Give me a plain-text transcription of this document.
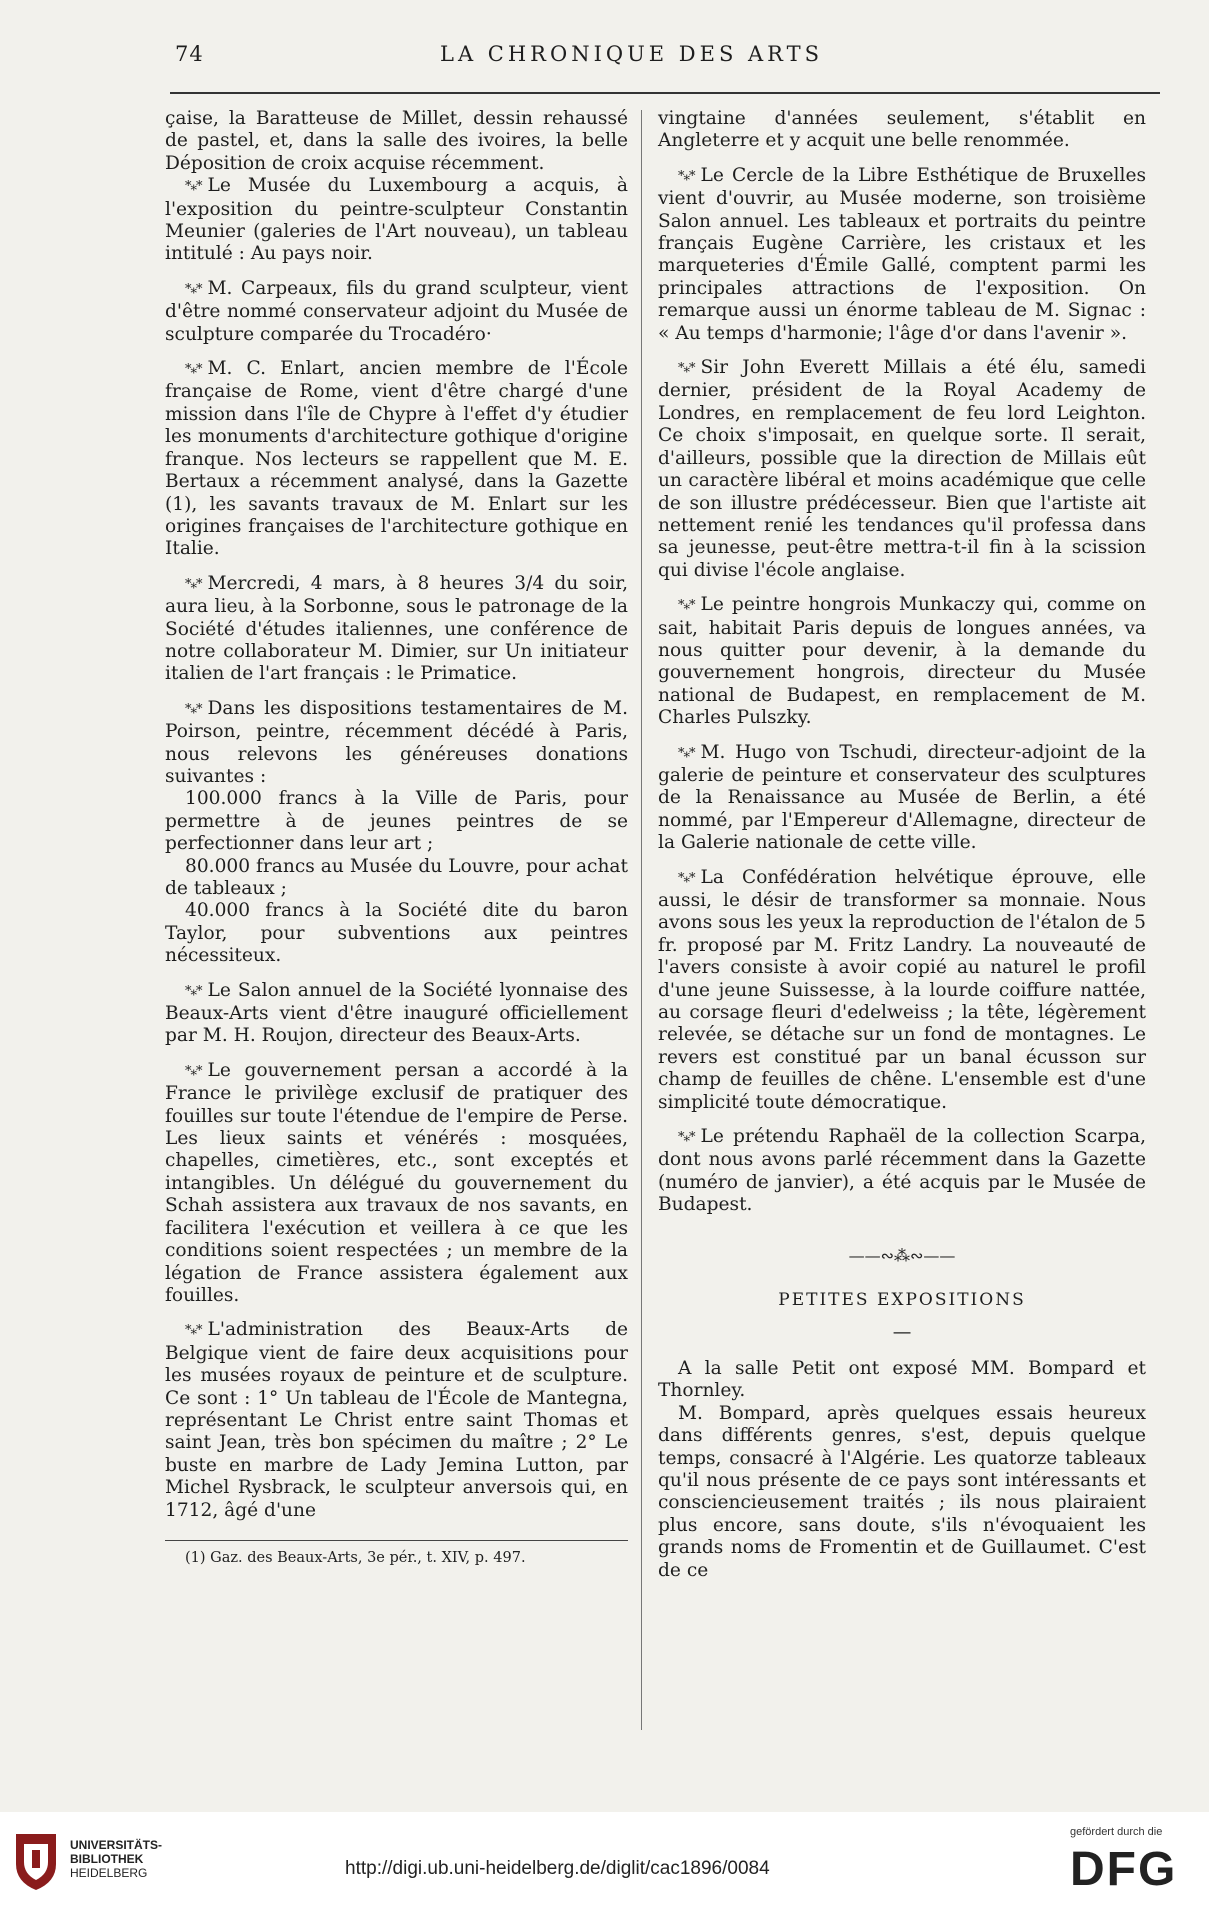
74	LA CHRONIQUE DES ARTS

çaise, la Baratteuse de Millet, dessin rehaussé de pastel, et, dans la salle des ivoires, la belle Déposition de croix acquise récemment.

*⁎* Le Musée du Luxembourg a acquis, à l'exposition du peintre-sculpteur Constantin Meunier (galeries de l'Art nouveau), un tableau intitulé : Au pays noir.

*⁎* M. Carpeaux, fils du grand sculpteur, vient d'être nommé conservateur adjoint du Musée de sculpture comparée du Trocadéro·

*⁎* M. C. Enlart, ancien membre de l'École française de Rome, vient d'être chargé d'une mission dans l'île de Chypre à l'effet d'y étudier les monuments d'architecture gothique d'origine franque. Nos lecteurs se rappellent que M. E. Bertaux a récemment analysé, dans la Gazette (1), les savants travaux de M. Enlart sur les origines françaises de l'architecture gothique en Italie.

*⁎* Mercredi, 4 mars, à 8 heures 3/4 du soir, aura lieu, à la Sorbonne, sous le patronage de la Société d'études italiennes, une conférence de notre collaborateur M. Dimier, sur Un initiateur italien de l'art français : le Primatice.

*⁎* Dans les dispositions testamentaires de M. Poirson, peintre, récemment décédé à Paris, nous relevons les généreuses donations suivantes :

100.000 francs à la Ville de Paris, pour permettre à de jeunes peintres de se perfectionner dans leur art ;

80.000 francs au Musée du Louvre, pour achat de tableaux ;

40.000 francs à la Société dite du baron Taylor, pour subventions aux peintres nécessiteux.

*⁎* Le Salon annuel de la Société lyonnaise des Beaux-Arts vient d'être inauguré officiellement par M. H. Roujon, directeur des Beaux-Arts.

*⁎* Le gouvernement persan a accordé à la France le privilège exclusif de pratiquer des fouilles sur toute l'étendue de l'empire de Perse. Les lieux saints et vénérés : mosquées, chapelles, cimetières, etc., sont exceptés et intangibles. Un délégué du gouvernement du Schah assistera aux travaux de nos savants, en facilitera l'exécution et veillera à ce que les conditions soient respectées ; un membre de la légation de France assistera également aux fouilles.

*⁎* L'administration des Beaux-Arts de Belgique vient de faire deux acquisitions pour les musées royaux de peinture et de sculpture. Ce sont : 1° Un tableau de l'École de Mantegna, représentant Le Christ entre saint Thomas et saint Jean, très bon spécimen du maître ; 2° Le buste en marbre de Lady Jemina Lutton, par Michel Rysbrack, le sculpteur anversois qui, en 1712, âgé d'une

(1) Gaz. des Beaux-Arts, 3e pér., t. XIV, p. 497.

vingtaine d'années seulement, s'établit en Angleterre et y acquit une belle renommée.

*⁎* Le Cercle de la Libre Esthétique de Bruxelles vient d'ouvrir, au Musée moderne, son troisième Salon annuel. Les tableaux et portraits du peintre français Eugène Carrière, les cristaux et les marqueteries d'Émile Gallé, comptent parmi les principales attractions de l'exposition. On remarque aussi un énorme tableau de M. Signac : « Au temps d'harmonie; l'âge d'or dans l'avenir ».

*⁎* Sir John Everett Millais a été élu, samedi dernier, président de la Royal Academy de Londres, en remplacement de feu lord Leighton. Ce choix s'imposait, en quelque sorte. Il serait, d'ailleurs, possible que la direction de Millais eût un caractère libéral et moins académique que celle de son illustre prédécesseur. Bien que l'artiste ait nettement renié les tendances qu'il professa dans sa jeunesse, peut-être mettra-t-il fin à la scission qui divise l'école anglaise.

*⁎* Le peintre hongrois Munkaczy qui, comme on sait, habitait Paris depuis de longues années, va nous quitter pour devenir, à la demande du gouvernement hongrois, directeur du Musée national de Budapest, en remplacement de M. Charles Pulszky.

*⁎* M. Hugo von Tschudi, directeur-adjoint de la galerie de peinture et conservateur des sculptures de la Renaissance au Musée de Berlin, a été nommé, par l'Empereur d'Allemagne, directeur de la Galerie nationale de cette ville.

*⁎* La Confédération helvétique éprouve, elle aussi, le désir de transformer sa monnaie. Nous avons sous les yeux la reproduction de l'étalon de 5 fr. proposé par M. Fritz Landry. La nouveauté de l'avers consiste à avoir copié au naturel le profil d'une jeune Suissesse, à la lourde coiffure nattée, au corsage fleuri d'edelweiss ; la tête, légèrement relevée, se détache sur un fond de montagnes. Le revers est constitué par un banal écusson sur champ de feuilles de chêne. L'ensemble est d'une simplicité toute démocratique.

*⁎* Le prétendu Raphaël de la collection Scarpa, dont nous avons parlé récemment dans la Gazette (numéro de janvier), a été acquis par le Musée de Budapest.

——∾⁂∾——
PETITES EXPOSITIONS
—

A la salle Petit ont exposé MM. Bompard et Thornley.

M. Bompard, après quelques essais heureux dans différents genres, s'est, depuis quelque temps, consacré à l'Algérie. Les quatorze tableaux qu'il nous présente de ce pays sont intéressants et consciencieusement traités ; ils nous plairaient plus encore, sans doute, s'ils n'évoquaient les grands noms de Fromentin et de Guillaumet. C'est de ce

UNIVERSITÄTS-
BIBLIOTHEK
HEIDELBERG	http://digi.ub.uni-heidelberg.de/diglit/cac1896/0084
gefördert durch die
DFG
